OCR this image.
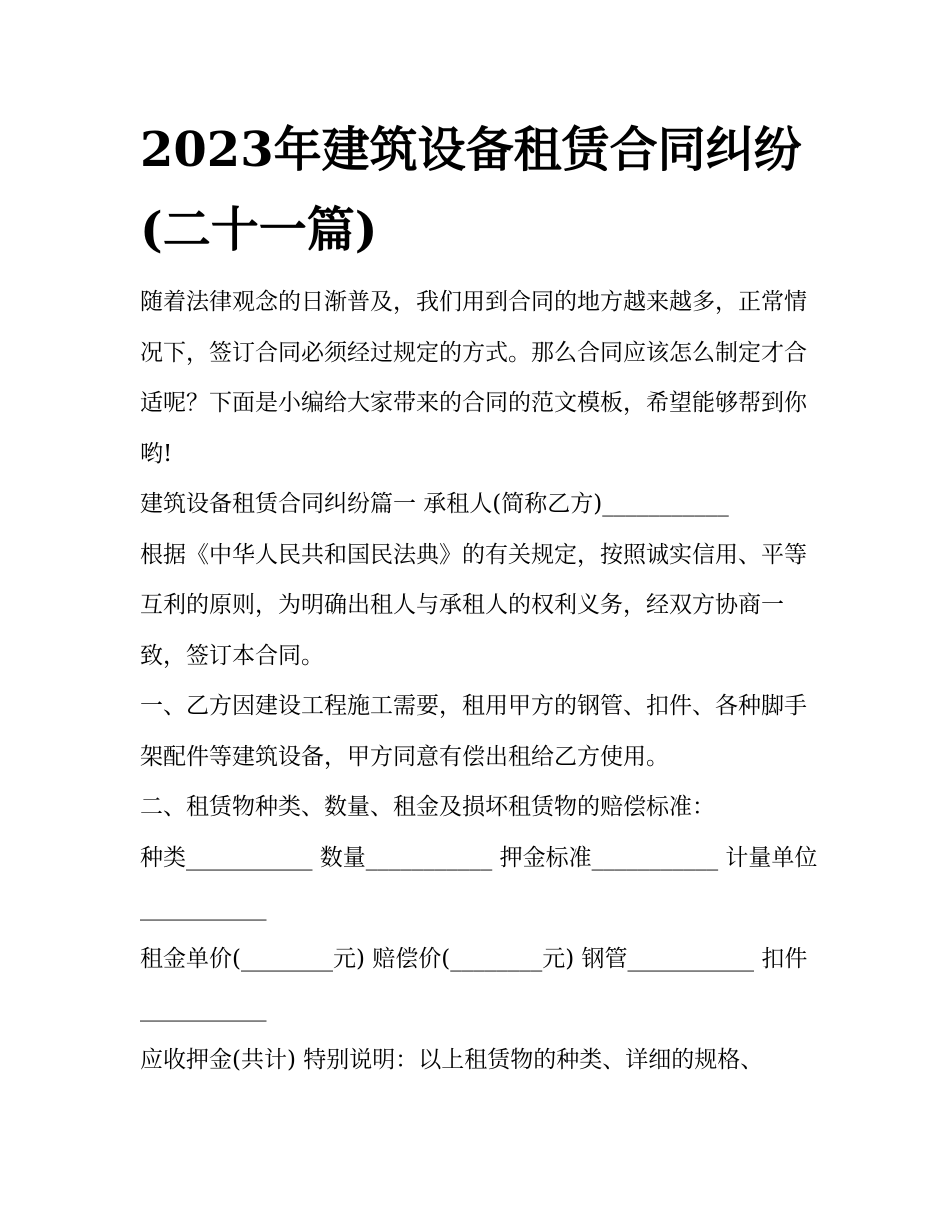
2023年建筑设备租赁合同纠纷(二十一篇)

随着法律观念的日渐普及，我们用到合同的地方越来越多，正常情况下，签订合同必须经过规定的方式。那么合同应该怎么制定才合适呢？下面是小编给大家带来的合同的范文模板，希望能够帮到你哟!

建筑设备租赁合同纠纷篇一 承租人(简称乙方)___________

根据《中华人民共和国民法典》的有关规定，按照诚实信用、平等互利的原则，为明确出租人与承租人的权利义务，经双方协商一致，签订本合同。

一、乙方因建设工程施工需要，租用甲方的钢管、扣件、各种脚手架配件等建筑设备，甲方同意有偿出租给乙方使用。

二、租赁物种类、数量、租金及损坏租赁物的赔偿标准：

种类___________ 数量___________ 押金标准___________ 计量单位___________

租金单价(________元) 赔偿价(________元) 钢管___________ 扣件___________

应收押金(共计) 特别说明：以上租赁物的种类、详细的规格、
